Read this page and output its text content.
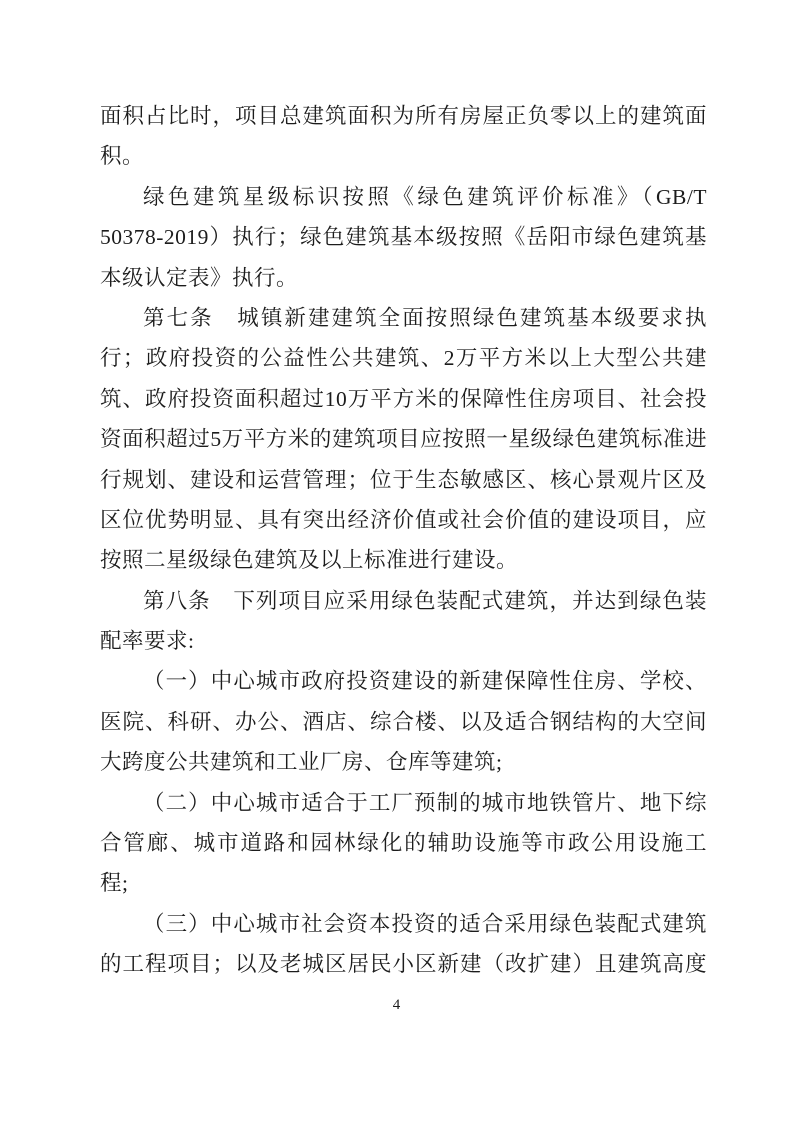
面积占比时，项目总建筑面积为所有房屋正负零以上的建筑面
积。
绿色建筑星级标识按照《绿色建筑评价标准》（GB/T
50378-2019）执行；绿色建筑基本级按照《岳阳市绿色建筑基
本级认定表》执行。
第七条　城镇新建建筑全面按照绿色建筑基本级要求执
行；政府投资的公益性公共建筑、2万平方米以上大型公共建
筑、政府投资面积超过10万平方米的保障性住房项目、社会投
资面积超过5万平方米的建筑项目应按照一星级绿色建筑标准进
行规划、建设和运营管理；位于生态敏感区、核心景观片区及
区位优势明显、具有突出经济价值或社会价值的建设项目，应
按照二星级绿色建筑及以上标准进行建设。
第八条　下列项目应采用绿色装配式建筑，并达到绿色装
配率要求:
（一）中心城市政府投资建设的新建保障性住房、学校、
医院、科研、办公、酒店、综合楼、以及适合钢结构的大空间
大跨度公共建筑和工业厂房、仓库等建筑;
（二）中心城市适合于工厂预制的城市地铁管片、地下综
合管廊、城市道路和园林绿化的辅助设施等市政公用设施工
程;
（三）中心城市社会资本投资的适合采用绿色装配式建筑
的工程项目；以及老城区居民小区新建（改扩建）且建筑高度
4
